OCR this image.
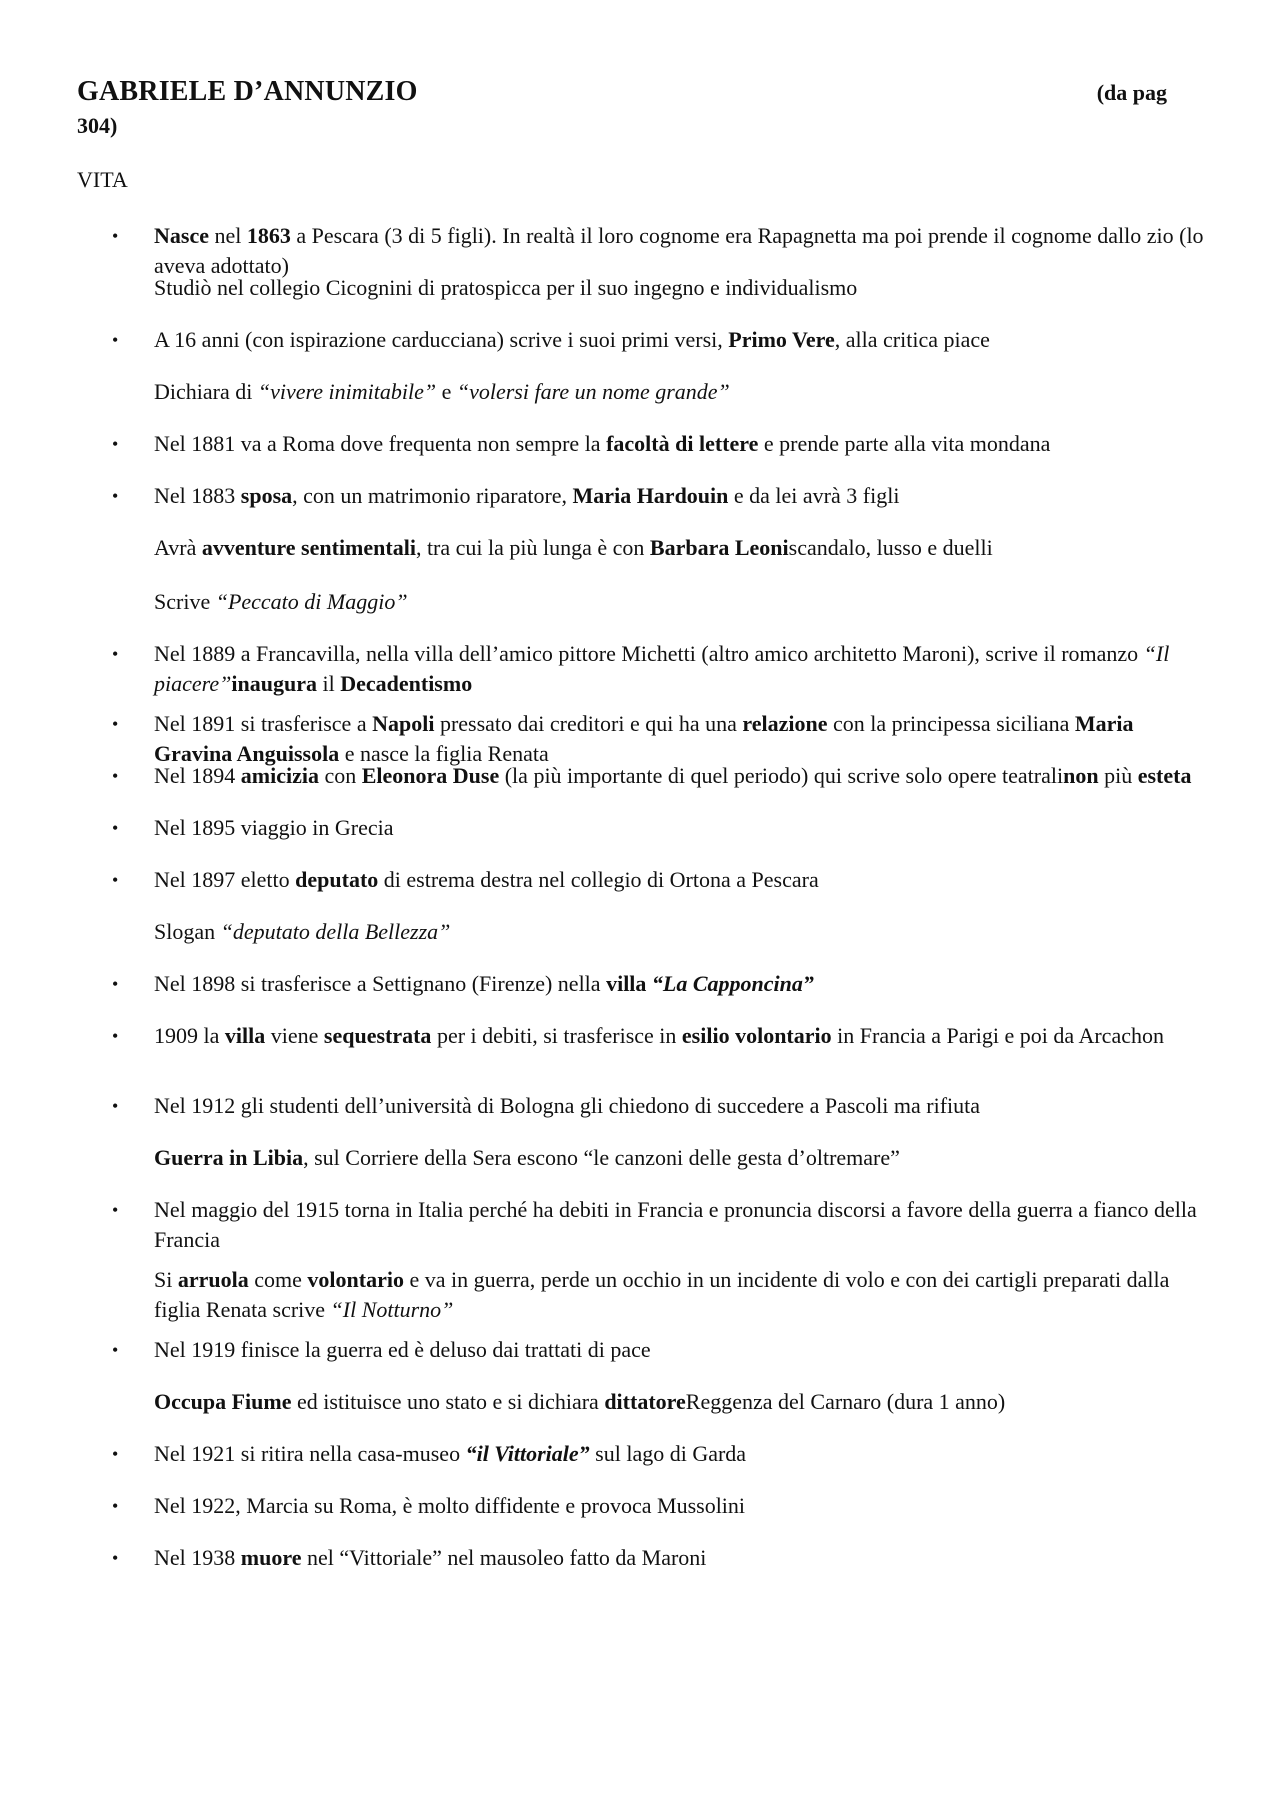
GABRIELE D’ANNUNZIO	(da pag
304)
VITA
• Nasce nel 1863 a Pescara (3 di 5 figli). In realtà il loro cognome era Rapagnetta ma poi prende il cognome dallo zio (lo aveva adottato)
Studiò nel collegio Cicognini di pratospicca per il suo ingegno e individualismo
• A 16 anni (con ispirazione carducciana) scrive i suoi primi versi, Primo Vere, alla critica piace
Dichiara di “vivere inimitabile” e “volersi fare un nome grande”
• Nel 1881 va a Roma dove frequenta non sempre la facoltà di lettere e prende parte alla vita mondana
• Nel 1883 sposa, con un matrimonio riparatore, Maria Hardouin e da lei avrà 3 figli
Avrà avventure sentimentali, tra cui la più lunga è con Barbara Leoniscandalo, lusso e duelli
Scrive “Peccato di Maggio”
• Nel 1889 a Francavilla, nella villa dell’amico pittore Michetti (altro amico architetto Maroni), scrive il romanzo “Il piacere”inaugura il Decadentismo
• Nel 1891 si trasferisce a Napoli pressato dai creditori e qui ha una relazione con la principessa siciliana Maria Gravina Anguissola e nasce la figlia Renata
• Nel 1894 amicizia con Eleonora Duse (la più importante di quel periodo) qui scrive solo opere teatralinon più esteta
• Nel 1895 viaggio in Grecia
• Nel 1897 eletto deputato di estrema destra nel collegio di Ortona a Pescara
Slogan “deputato della Bellezza”
• Nel 1898 si trasferisce a Settignano (Firenze) nella villa “La Capponcina”
• 1909 la villa viene sequestrata per i debiti, si trasferisce in esilio volontario in Francia a Parigi e poi da Arcachon
• Nel 1912 gli studenti dell’università di Bologna gli chiedono di succedere a Pascoli ma rifiuta
Guerra in Libia, sul Corriere della Sera escono “le canzoni delle gesta d’oltremare”
• Nel maggio del 1915 torna in Italia perché ha debiti in Francia e pronuncia discorsi a favore della guerra a fianco della Francia
Si arruola come volontario e va in guerra, perde un occhio in un incidente di volo e con dei cartigli preparati dalla figlia Renata scrive “Il Notturno”
• Nel 1919 finisce la guerra ed è deluso dai trattati di pace
Occupa Fiume ed istituisce uno stato e si dichiara dittatoreReggenza del Carnaro (dura 1 anno)
• Nel 1921 si ritira nella casa-museo “il Vittoriale” sul lago di Garda
• Nel 1922, Marcia su Roma, è molto diffidente e provoca Mussolini
• Nel 1938 muore nel “Vittoriale” nel mausoleo fatto da Maroni
